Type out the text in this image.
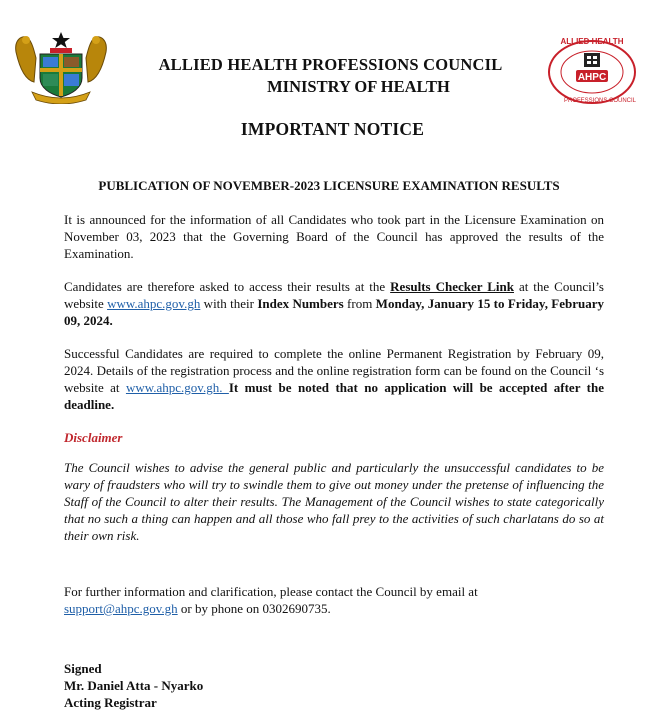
ALLIED HEALTH
PROFESSIONS COUNCIL
AHPC
ALLIED HEALTH PROFESSIONS COUNCIL
MINISTRY OF HEALTH
IMPORTANT NOTICE
PUBLICATION OF NOVEMBER-2023 LICENSURE EXAMINATION RESULTS
It is announced for the information of all Candidates who took part in the Licensure Examination on November 03, 2023 that the Governing Board of the Council has approved the results of the Examination.
Candidates are therefore asked to access their results at the Results Checker Link at the Council’s website www.ahpc.gov.gh with their Index Numbers from Monday, January 15 to Friday, February 09, 2024.
Successful Candidates are required to complete the online Permanent Registration by February 09, 2024. Details of the registration process and the online registration form can be found on the Council ‘s website at www.ahpc.gov.gh. It must be noted that no application will be accepted after the deadline.
Disclaimer
The Council wishes to advise the general public and particularly the unsuccessful candidates to be wary of fraudsters who will try to swindle them to give out money under the pretense of influencing the Staff of the Council to alter their results. The Management of the Council wishes to state categorically that no such a thing can happen and all those who fall prey to the activities of such charlatans do so at their own risk.
For further information and clarification, please contact the Council by email at
support@ahpc.gov.gh or by phone on 0302690735.
Signed
Mr. Daniel Atta - Nyarko
Acting Registrar
